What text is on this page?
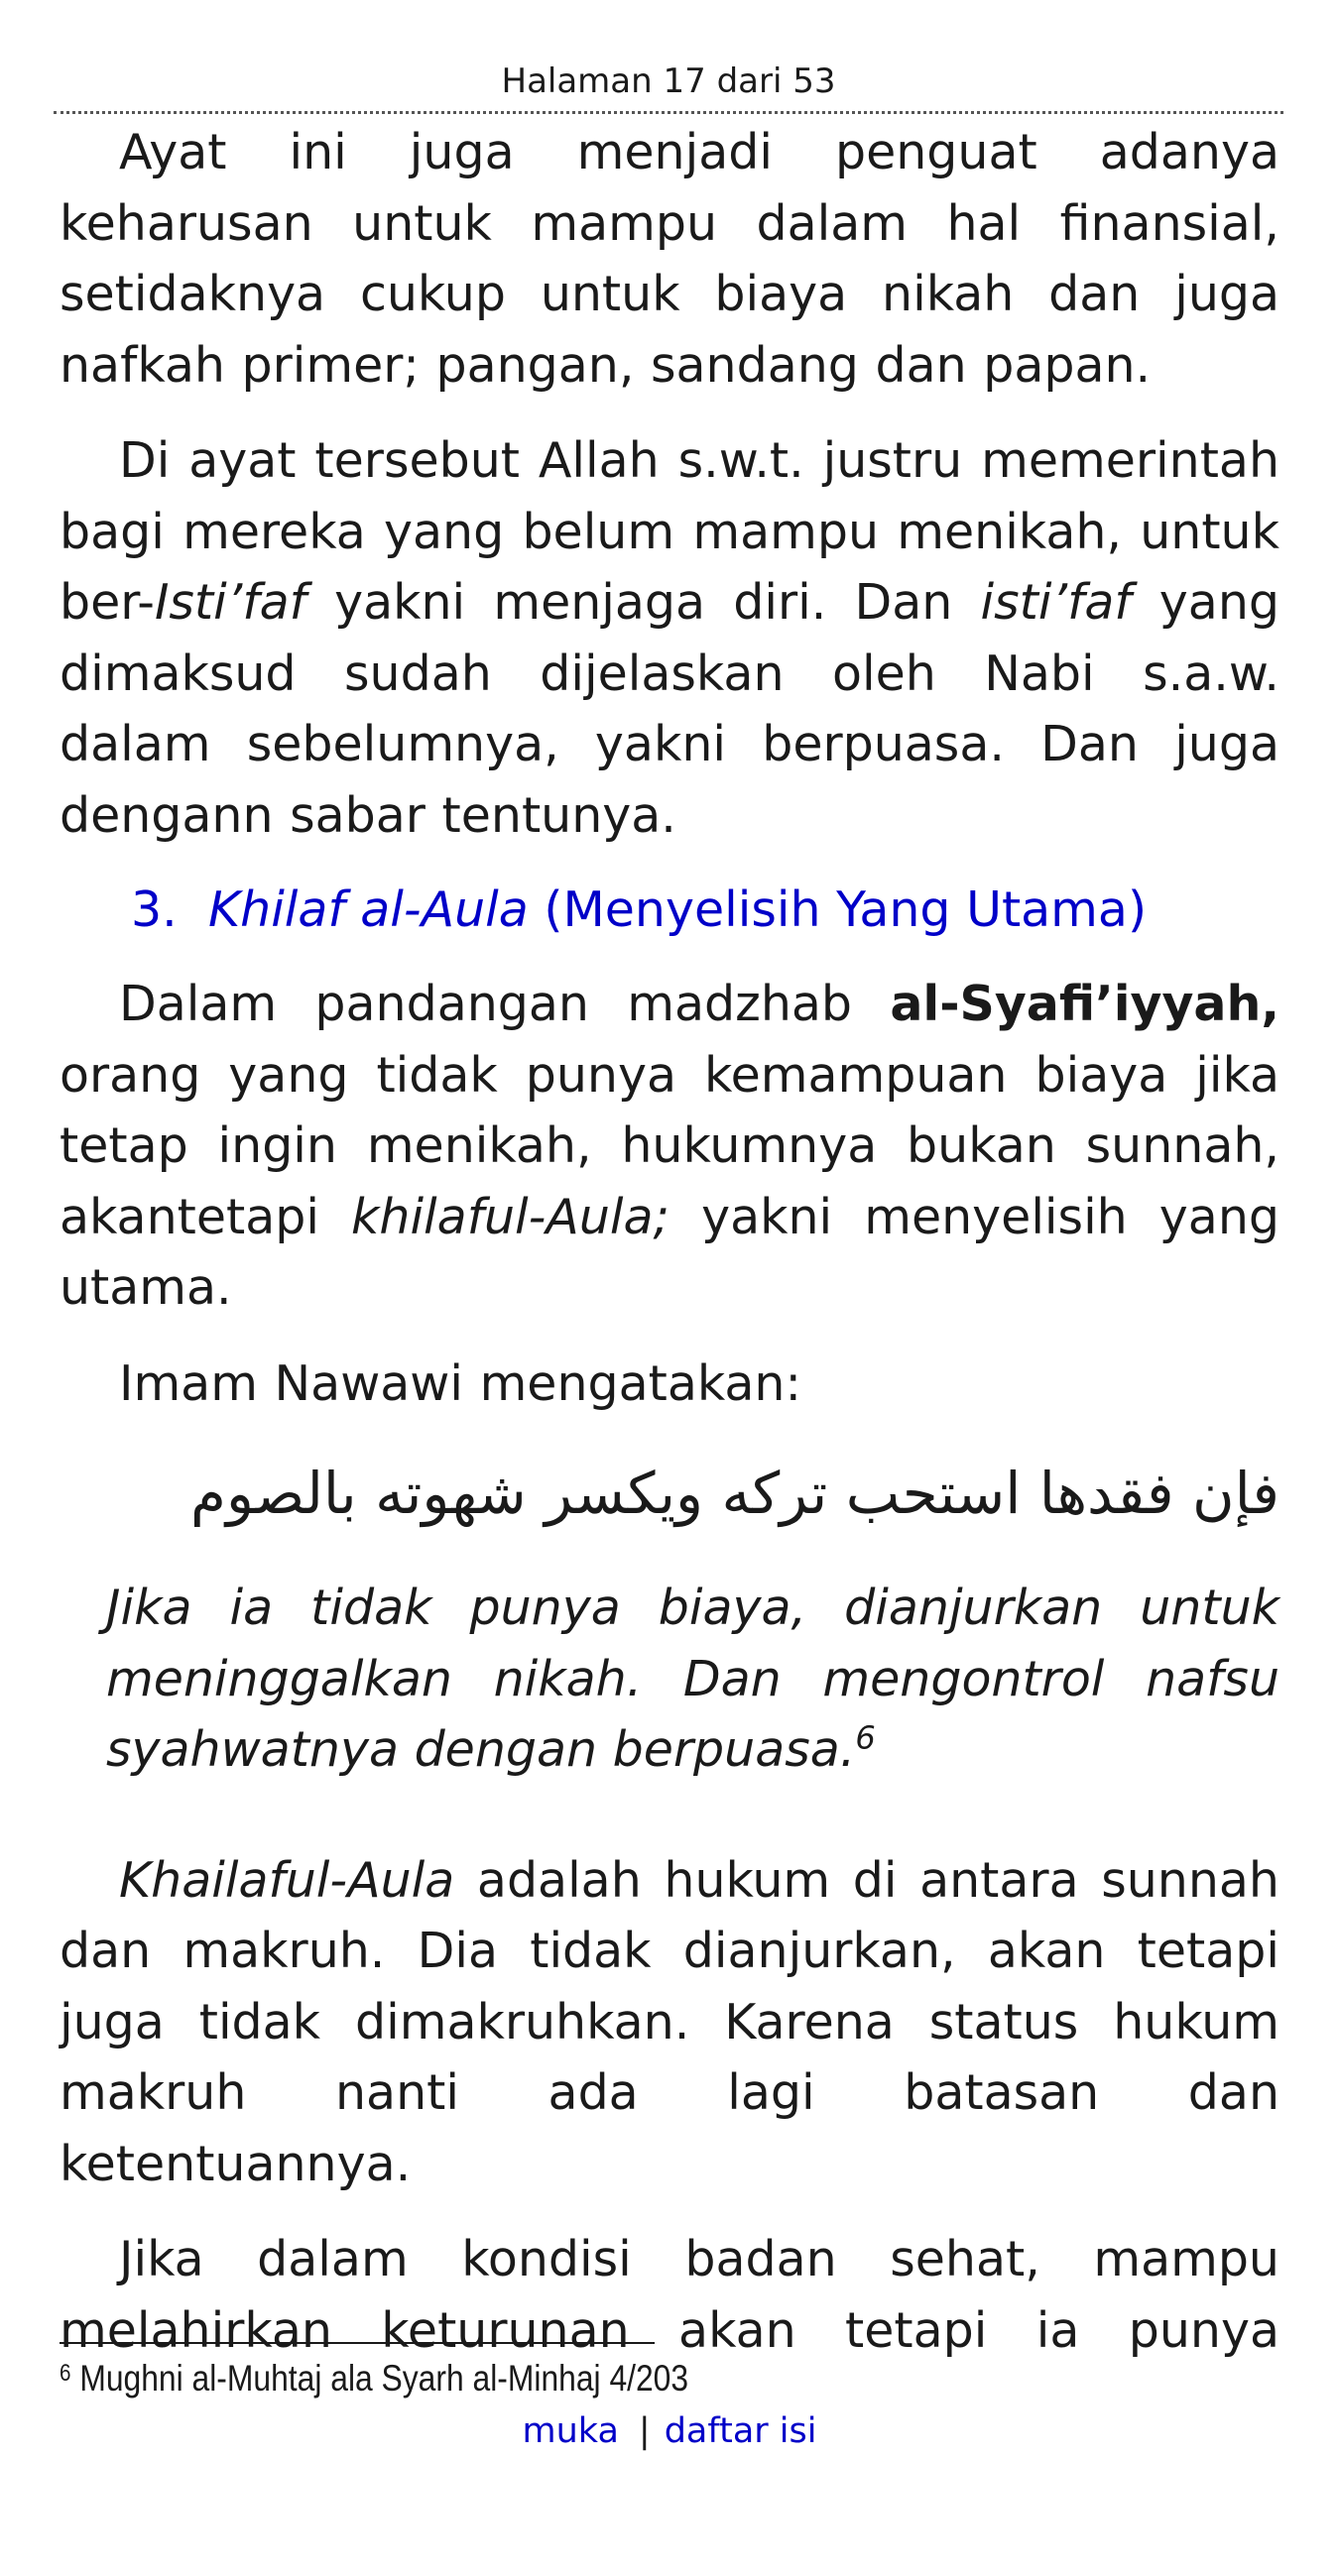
Halaman 17 dari 53

Ayat ini juga menjadi penguat adanya keharusan untuk mampu dalam hal finansial, setidaknya cukup untuk biaya nikah dan juga nafkah primer; pangan, sandang dan papan.

Di ayat tersebut Allah s.w.t. justru memerintah bagi mereka yang belum mampu menikah, untuk ber-Isti’faf yakni menjaga diri. Dan isti’faf yang dimaksud sudah dijelaskan oleh Nabi s.a.w. dalam sebelumnya, yakni berpuasa. Dan juga dengann sabar tentunya.

3. Khilaf al-Aula (Menyelisih Yang Utama)

Dalam pandangan madzhab al-Syafi’iyyah, orang yang tidak punya kemampuan biaya jika tetap ingin menikah, hukumnya bukan sunnah, akantetapi khilaful-Aula; yakni menyelisih yang utama.

Imam Nawawi mengatakan:

فإن فقدها استحب تركه ويكسر شهوته بالصوم
Jika ia tidak punya biaya, dianjurkan untuk meninggalkan nikah. Dan mengontrol nafsu syahwatnya dengan berpuasa.$^6$

Khailaful-Aula adalah hukum di antara sunnah dan makruh. Dia tidak dianjurkan, akan tetapi juga tidak dimakruhkan. Karena status hukum makruh nanti ada lagi batasan dan ketentuannya.

Jika dalam kondisi badan sehat, mampu melahirkan keturunan akan tetapi ia punya

$^6$ Mughni al-Muhtaj ala Syarh al-Minhaj 4/203
muka | daftar isi
